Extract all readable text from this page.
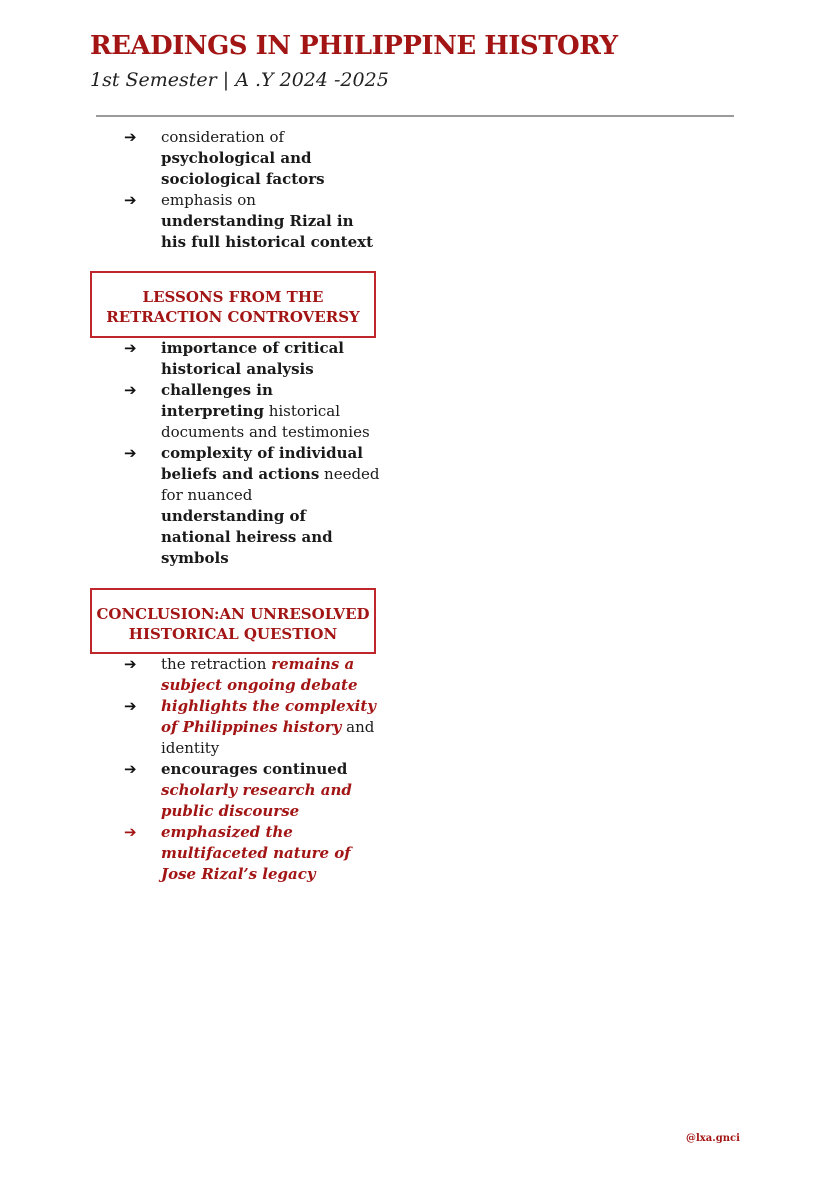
READINGS IN PHILIPPINE HISTORY
1st Semester | A .Y 2024 -2025
➔	consideration of psychological and sociological factors
➔	emphasis on understanding Rizal in his full historical context
LESSONS FROM THE
RETRACTION CONTROVERSY
➔	importance of critical historical analysis
➔	challenges in interpreting historical documents and testimonies
➔	complexity of individual beliefs and actions needed for nuanced understanding of national heiress and symbols
CONCLUSION:AN UNRESOLVED
HISTORICAL QUESTION
➔	the retraction remains a subject ongoing debate
➔	highlights the complexity of Philippines history and identity
➔	encourages continued scholarly research and public discourse
➔	emphasized the multifaceted nature of Jose Rizal’s legacy
@lxa.gnci
